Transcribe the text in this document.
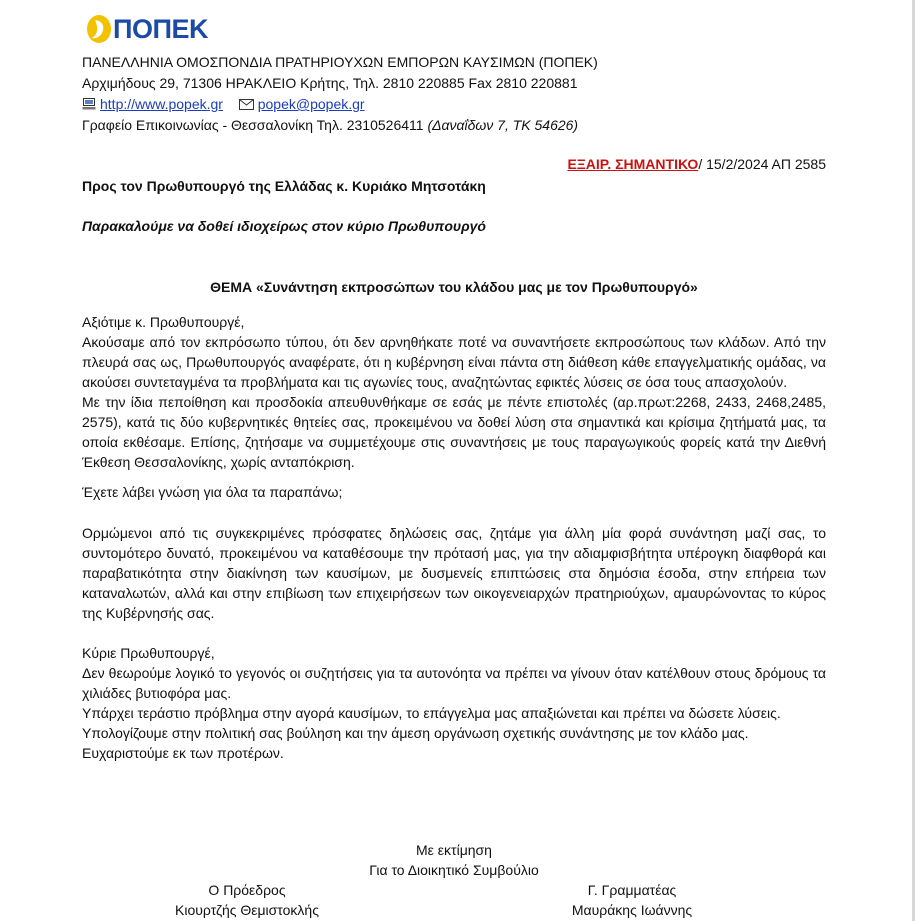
ΠΟΠΕΚ
ΠΑΝΕΛΛΗΝΙΑ ΟΜΟΣΠΟΝΔΙΑ ΠΡΑΤΗΡΙΟΥΧΩΝ ΕΜΠΟΡΩΝ ΚΑΥΣΙΜΩΝ (ΠΟΠΕΚ)
Αρχιμήδους 29, 71306 ΗΡΑΚΛΕΙΟ Κρήτης, Τηλ. 2810 220885 Fax 2810 220881
http://www.popek.gr popek@popek.gr
Γραφείο Επικοινωνίας - Θεσσαλονίκη Τηλ. 2310526411 (Δαναΐδων 7, ΤΚ 54626)
ΕΞΑΙΡ. ΣΗΜΑΝΤΙΚΟ/ 15/2/2024 ΑΠ 2585
Προς τον Πρωθυπουργό της Ελλάδας κ. Κυριάκο Μητσοτάκη
Παρακαλούμε να δοθεί ιδιοχείρως στον κύριο Πρωθυπουργό
ΘΕΜΑ «Συνάντηση εκπροσώπων του κλάδου μας με τον Πρωθυπουργό»

Αξιότιμε κ. Πρωθυπουργέ,

Ακούσαμε από τον εκπρόσωπο τύπου, ότι δεν αρνηθήκατε ποτέ να συναντήσετε εκπροσώπους των κλάδων. Από την πλευρά σας ως, Πρωθυπουργός αναφέρατε, ότι η κυβέρνηση είναι πάντα στη διάθεση κάθε επαγγελματικής ομάδας, να ακούσει συντεταγμένα τα προβλήματα και τις αγωνίες τους, αναζητώντας εφικτές λύσεις σε όσα τους απασχολούν.

Με την ίδια πεποίθηση και προσδοκία απευθυνθήκαμε σε εσάς με πέντε επιστολές (αρ.πρωτ:2268, 2433, 2468,2485, 2575), κατά τις δύο κυβερνητικές θητείες σας, προκειμένου να δοθεί λύση στα σημαντικά και κρίσιμα ζητήματά μας, τα οποία εκθέσαμε. Επίσης, ζητήσαμε να συμμετέχουμε στις συναντήσεις με τους παραγωγικούς φορείς κατά την Διεθνή Έκθεση Θεσσαλονίκης, χωρίς ανταπόκριση.

Έχετε λάβει γνώση για όλα τα παραπάνω;

Ορμώμενοι από τις συγκεκριμένες πρόσφατες δηλώσεις σας, ζητάμε για άλλη μία φορά συνάντηση μαζί σας, το συντομότερο δυνατό, προκειμένου να καταθέσουμε την πρότασή μας, για την αδιαμφισβήτητα υπέρογκη διαφθορά και παραβατικότητα στην διακίνηση των καυσίμων, με δυσμενείς επιπτώσεις στα δημόσια έσοδα, στην επήρεια των καταναλωτών, αλλά και στην επιβίωση των επιχειρήσεων των οικογενειαρχών πρατηριούχων, αμαυρώνοντας το κύρος της Κυβέρνησής σας.

Κύριε Πρωθυπουργέ,

Δεν θεωρούμε λογικό το γεγονός οι συζητήσεις για τα αυτονόητα να πρέπει να γίνουν όταν κατέλθουν στους δρόμους τα χιλιάδες βυτιοφόρα μας.

Υπάρχει τεράστιο πρόβλημα στην αγορά καυσίμων, το επάγγελμα μας απαξιώνεται και πρέπει να δώσετε λύσεις.

Υπολογίζουμε στην πολιτική σας βούληση και την άμεση οργάνωση σχετικής συνάντησης με τον κλάδο μας.

Ευχαριστούμε εκ των προτέρων.

Με εκτίμηση
Για το Διοικητικό Συμβούλιο
Ο Πρόεδρος	Γ. Γραμματέας
Κιουρτζής Θεμιστοκλής	Μαυράκης Ιωάννης
